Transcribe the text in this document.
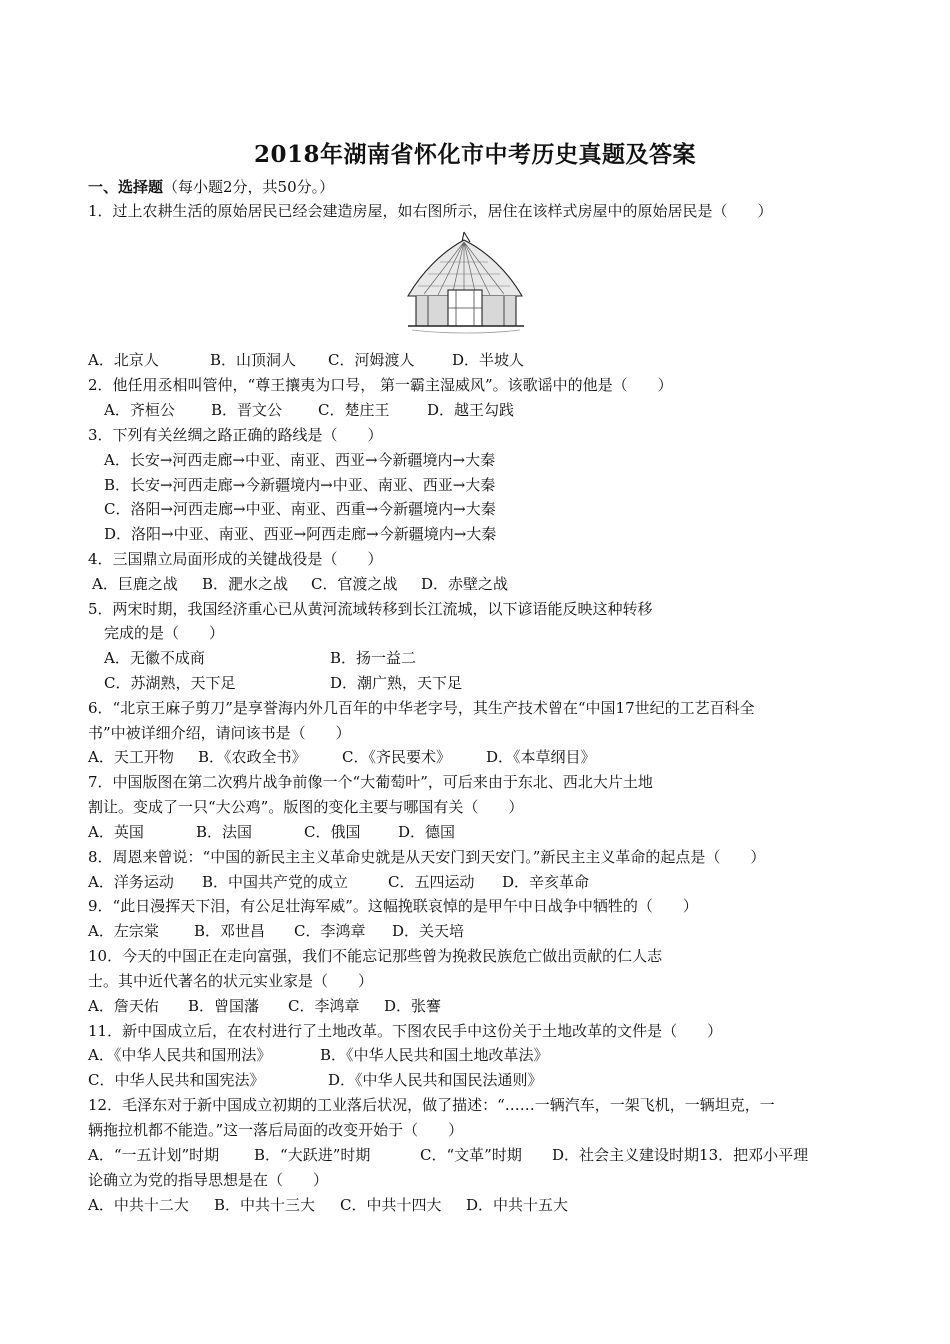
2018年湖南省怀化市中考历史真题及答案
一、选择题（每小题2分，共50分。）
1．过上农耕生活的原始居民已经会建造房屋，如右图所示，居住在该样式房屋中的原始居民是（　　）
A．北京人	B．山顶洞人 C．河姆渡人	D．半坡人
2．他任用丞相叫管仲，“尊王攘夷为口号， 第一霸主湿威风”。该歌谣中的他是（　　）
A．齐桓公 B．晋文公 C．楚庄王	D．越王勾践
3．下列有关丝绸之路正确的路线是（　　）
A．长安→河西走廊→中亚、南亚、西亚→今新疆境内→大秦
B．长安→河西走廊→今新疆境内→中亚、南亚、西亚→大秦
C．洛阳→河西走廊→中亚、南亚、西重→今新疆境内→大秦
D．洛阳→中亚、南亚、西亚→阿西走廊→今新疆境内→大秦
4．三国鼎立局面形成的关键战役是（　　）
A．巨鹿之战 B．淝水之战 C．官渡之战 D．赤壁之战
5．两宋时期，我国经济重心已从黄河流域转移到长江流城，以下谚语能反映这种转移
完成的是（　　）
A．无徽不成商	B．扬一益二
C．苏湖熟，天下足	D．潮广熟，天下足
6．“北京王麻子剪刀”是享誉海内外几百年的中华老字号，其生产技术曾在“中国17世纪的工艺百科全
书”中被详细介绍，请问该书是（　　）
A．天工开物 B．《农政全书》 C．《齐民要术》 D．《本草纲目》
7．中国版图在第二次鸦片战争前像一个“大葡萄叶”，可后来由于东北、西北大片土地
割让。变成了一只“大公鸡”。版图的变化主要与哪国有关（　　）
A．英国	B．法国	C．俄国	D．德国
8．周恩来曾说：“中国的新民主主义革命史就是从天安门到天安门。”新民主主义革命的起点是（　　）
A．洋务运动 B．中国共产党的成立	C．五四运动 D．辛亥革命
9．“此日漫挥天下泪，有公足壮海军威”。这幅挽联哀悼的是甲午中日战争中牺牲的（　　）
A．左宗棠 B．邓世昌 C．李鸿章 D．关天培
10．今天的中国正在走向富强，我们不能忘记那些曾为挽救民族危亡做出贡献的仁人志
士。其中近代著名的状元实业家是（　　）
A．詹天佑 B．曾国藩 C．李鸿章 D．张謇
11．新中国成立后，在农村进行了土地改革。下图农民手中这份关于土地改革的文件是（　　）
A．《中华人民共和国刑法》	B．《中华人民共和国土地改革法》
C．中华人民共和国宪法》	D．《中华人民共和国民法通则》
12．毛泽东对于新中国成立初期的工业落后状况，做了描述：“……一辆汽车，一架飞机，一辆坦克，一
辆拖拉机都不能造。”这一落后局面的改变开始于（　　）
A．“一五计划”时期 B．“大跃进”时期	C．“文革”时期 D．社会主义建设时期13．把邓小平理
论确立为党的指导思想是在（　　）
A．中共十二大 B．中共十三大 C．中共十四大 D．中共十五大
